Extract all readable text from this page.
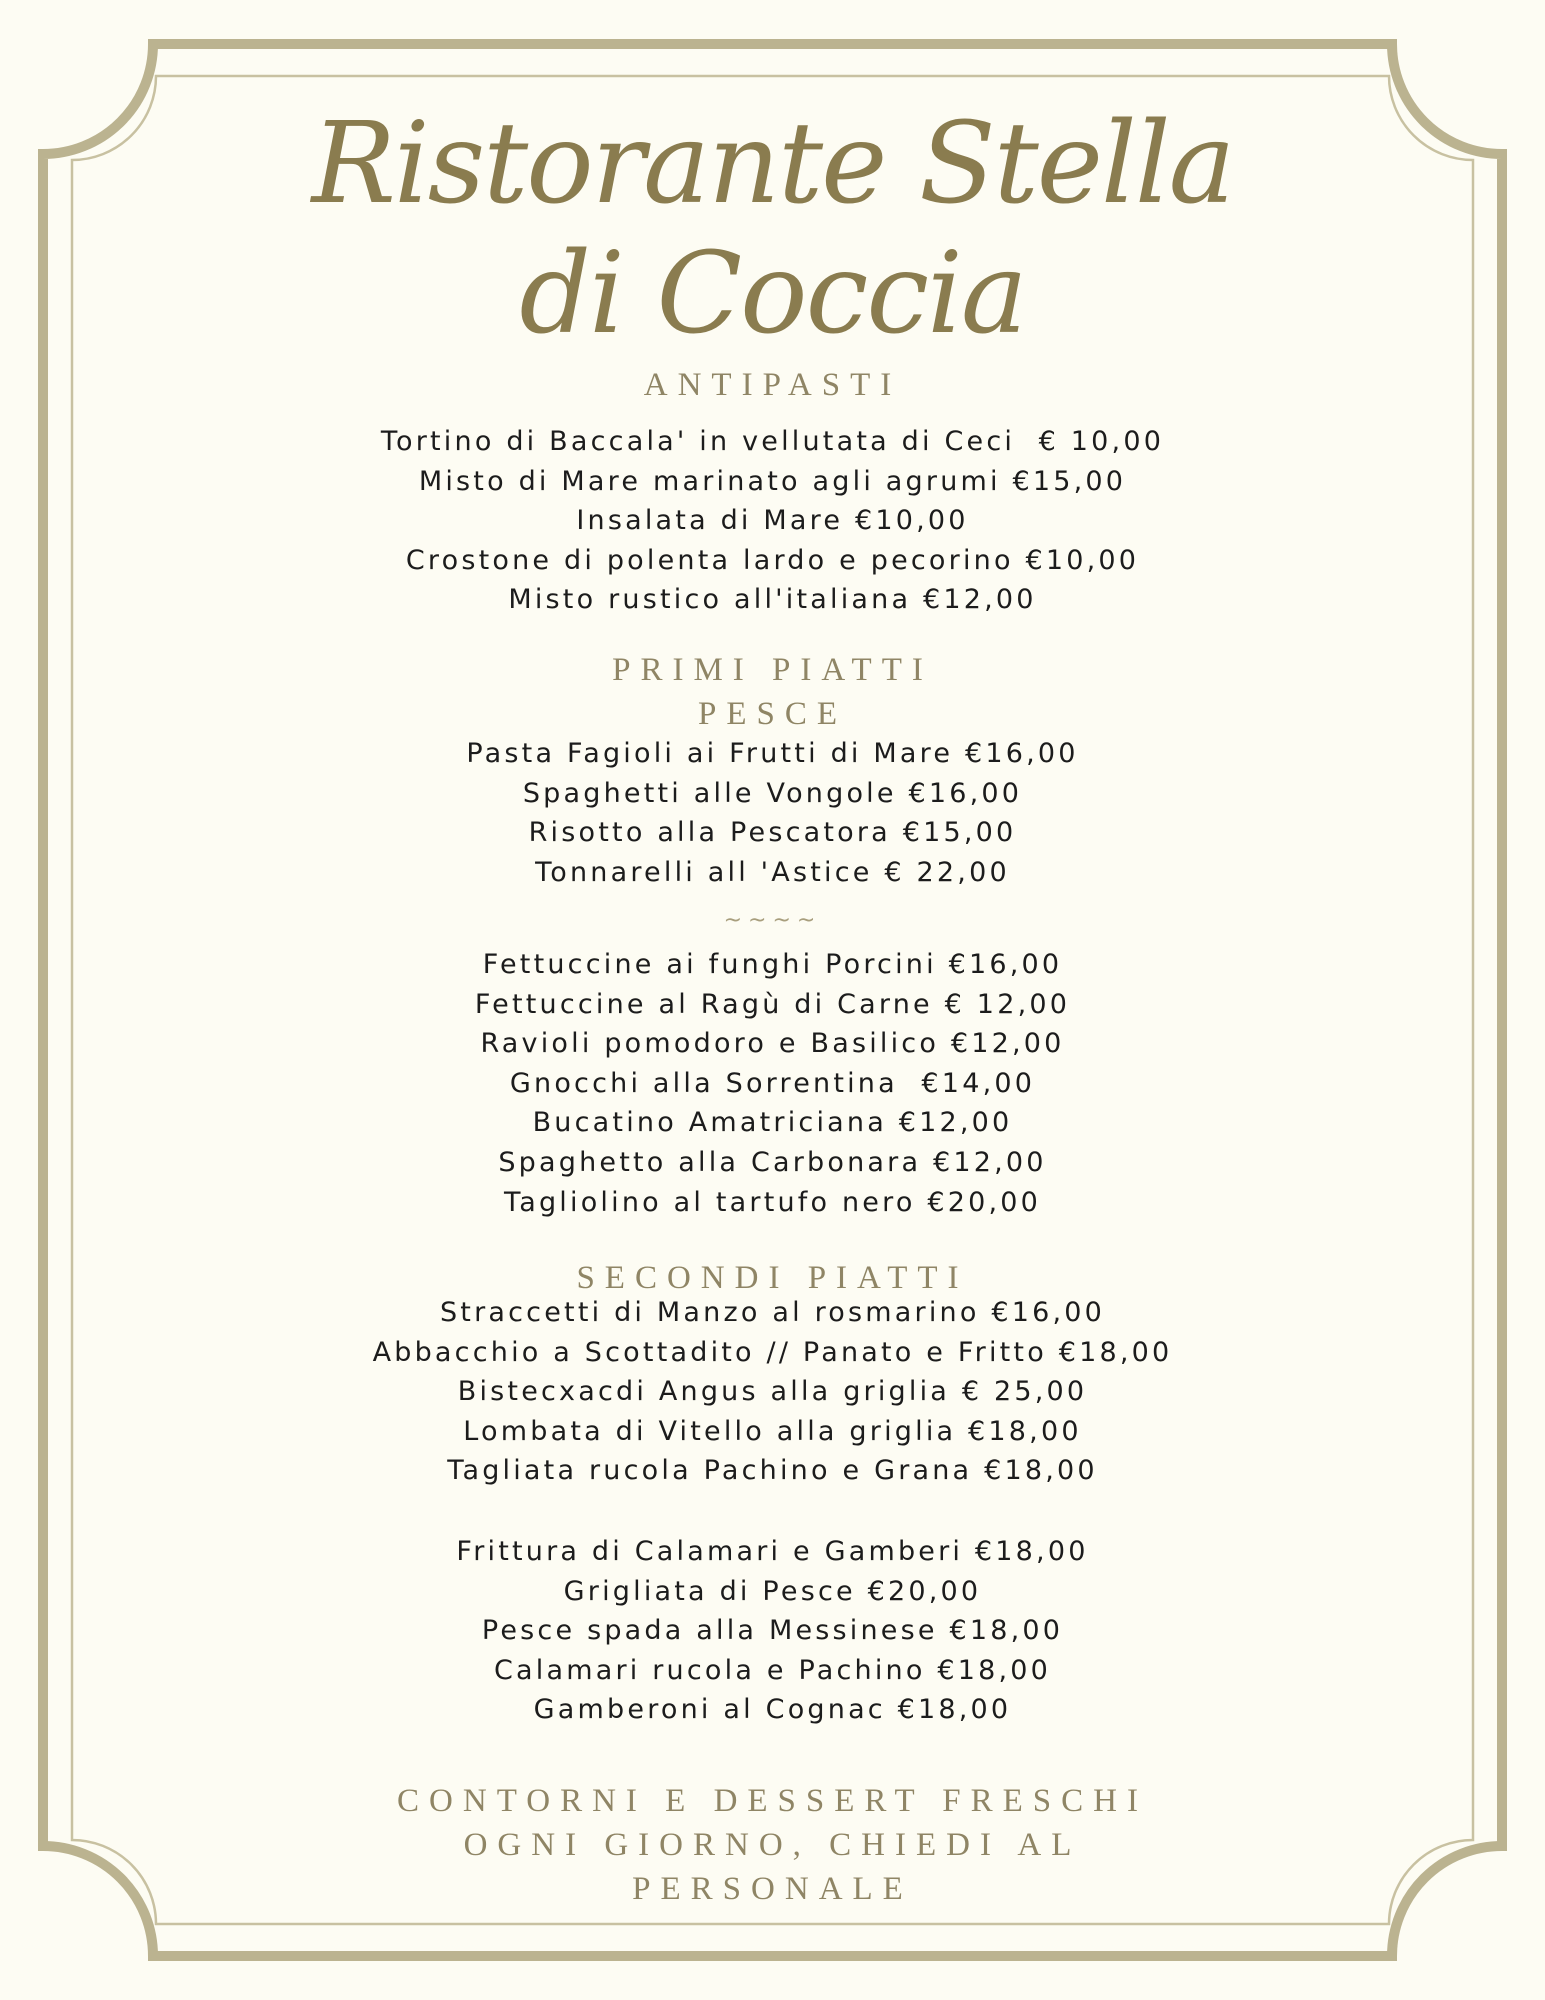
Ristorante Stella
di Coccia
ANTIPASTI
Tortino di Baccala' in vellutata di Ceci  € 10,00
Misto di Mare marinato agli agrumi €15,00
Insalata di Mare €10,00
Crostone di polenta lardo e pecorino €10,00
Misto rustico all'italiana €12,00
PRIMI PIATTI
PESCE
Pasta Fagioli ai Frutti di Mare €16,00
Spaghetti alle Vongole €16,00
Risotto alla Pescatora €15,00
Tonnarelli all 'Astice € 22,00
~~~~
Fettuccine ai funghi Porcini €16,00
Fettuccine al Ragù di Carne € 12,00
Ravioli pomodoro e Basilico €12,00
Gnocchi alla Sorrentina  €14,00
Bucatino Amatriciana €12,00
Spaghetto alla Carbonara €12,00
Tagliolino al tartufo nero €20,00
SECONDI PIATTI
Straccetti di Manzo al rosmarino €16,00
Abbacchio a Scottadito // Panato e Fritto €18,00
Bistecxacdi Angus alla griglia € 25,00
Lombata di Vitello alla griglia €18,00
Tagliata rucola Pachino e Grana €18,00
Frittura di Calamari e Gamberi €18,00
Grigliata di Pesce €20,00
Pesce spada alla Messinese €18,00
Calamari rucola e Pachino €18,00
Gamberoni al Cognac €18,00
CONTORNI E DESSERT FRESCHI
OGNI GIORNO, CHIEDI AL
PERSONALE
